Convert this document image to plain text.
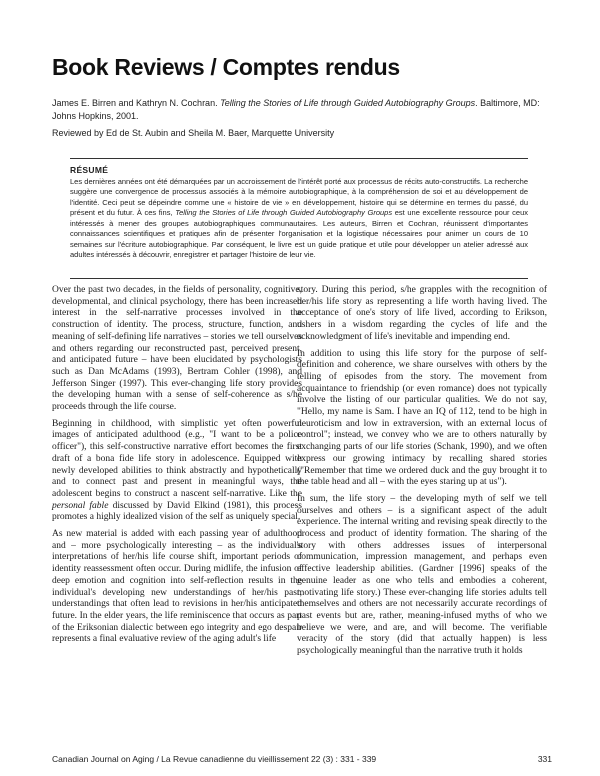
Book Reviews / Comptes rendus
James E. Birren and Kathryn N. Cochran. Telling the Stories of Life through Guided Autobiography Groups. Baltimore, MD: Johns Hopkins, 2001.
Reviewed by Ed de St. Aubin and Sheila M. Baer, Marquette University

RÉSUMÉ

Les dernières années ont été démarquées par un accroissement de l'intérêt porté aux processus de récits auto-constructifs. La recherche suggère une convergence de processus associés à la mémoire autobiographique, à la compréhension de soi et au développement de l'identité. Ceci peut se dépeindre comme une « histoire de vie » en développement, histoire qui se détermine en termes du passé, du présent et du futur. À ces fins, Telling the Stories of Life through Guided Autobiography Groups est une excellente ressource pour ceux intéressés à mener des groupes autobiographiques communautaires. Les auteurs, Birren et Cochran, réunissent d'importantes connaissances scientifiques et pratiques afin de présenter l'organisation et la logistique nécessaires pour animer un cours de 10 semaines sur l'écriture autobiographique. Par conséquent, le livre est un guide pratique et utile pour développer un atelier adressé aux adultes intéressés à découvrir, enregistrer et partager l'histoire de leur vie.

Over the past two decades, in the fields of personality, cognitive, developmental, and clinical psychology, there has been increased interest in the self-narrative processes involved in the construction of identity. The process, structure, function, and meaning of self-defining life narratives – stories we tell ourselves and others regarding our reconstructed past, perceived present, and anticipated future – have been elucidated by psychologists such as Dan McAdams (1993), Bertram Cohler (1998), and Jefferson Singer (1997). This ever-changing life story provides the developing human with a sense of self-coherence as s/he proceeds through the life course.

Beginning in childhood, with simplistic yet often powerful images of anticipated adulthood (e.g., "I want to be a police officer"), this self-constructive narrative effort becomes the first draft of a bona fide life story in adolescence. Equipped with newly developed abilities to think abstractly and hypothetically and to connect past and present in meaningful ways, the adolescent begins to construct a nascent self-narrative. Like the personal fable discussed by David Elkind (1981), this process promotes a highly idealized vision of the self as uniquely special.

As new material is added with each passing year of adulthood and – more psychologically interesting – as the individual's interpretations of her/his life course shift, important periods of identity reassessment often occur. During midlife, the infusion of deep emotion and cognition into self-reflection results in the individual's developing new understandings of her/his past, understandings that often lead to revisions in her/his anticipated future. In the elder years, the life reminiscence that occurs as part of the Eriksonian dialectic between ego integrity and ego despair represents a final evaluative review of the aging adult's life

story. During this period, s/he grapples with the recognition of her/his life story as representing a life worth having lived. The acceptance of one's story of life lived, according to Erikson, ushers in a wisdom regarding the cycles of life and the acknowledgment of life's inevitable and impending end.

In addition to using this life story for the purpose of self-definition and coherence, we share ourselves with others by the telling of episodes from the story. The movement from acquaintance to friendship (or even romance) does not typically involve the listing of our particular qualities. We do not say, "Hello, my name is Sam. I have an IQ of 112, tend to be high in neuroticism and low in extraversion, with an external locus of control"; instead, we convey who we are to others naturally by exchanging parts of our life stories (Schank, 1990), and we often express our growing intimacy by recalling shared stories ("Remember that time we ordered duck and the guy brought it to the table head and all – with the eyes staring up at us").

In sum, the life story – the developing myth of self we tell ourselves and others – is a significant aspect of the adult experience. The internal writing and revising speak directly to the process and product of identity formation. The sharing of the story with others addresses issues of interpersonal communication, impression management, and perhaps even effective leadership abilities. (Gardner [1996] speaks of the genuine leader as one who tells and embodies a coherent, motivating life story.) These ever-changing life stories adults tell themselves and others are not necessarily accurate recordings of past events but are, rather, meaning-infused myths of who we believe we were, and are, and will become. The verifiable veracity of the story (did that actually happen) is less psychologically meaningful than the narrative truth it holds

Canadian Journal on Aging / La Revue canadienne du vieillissement 22 (3) : 331 - 339	331
